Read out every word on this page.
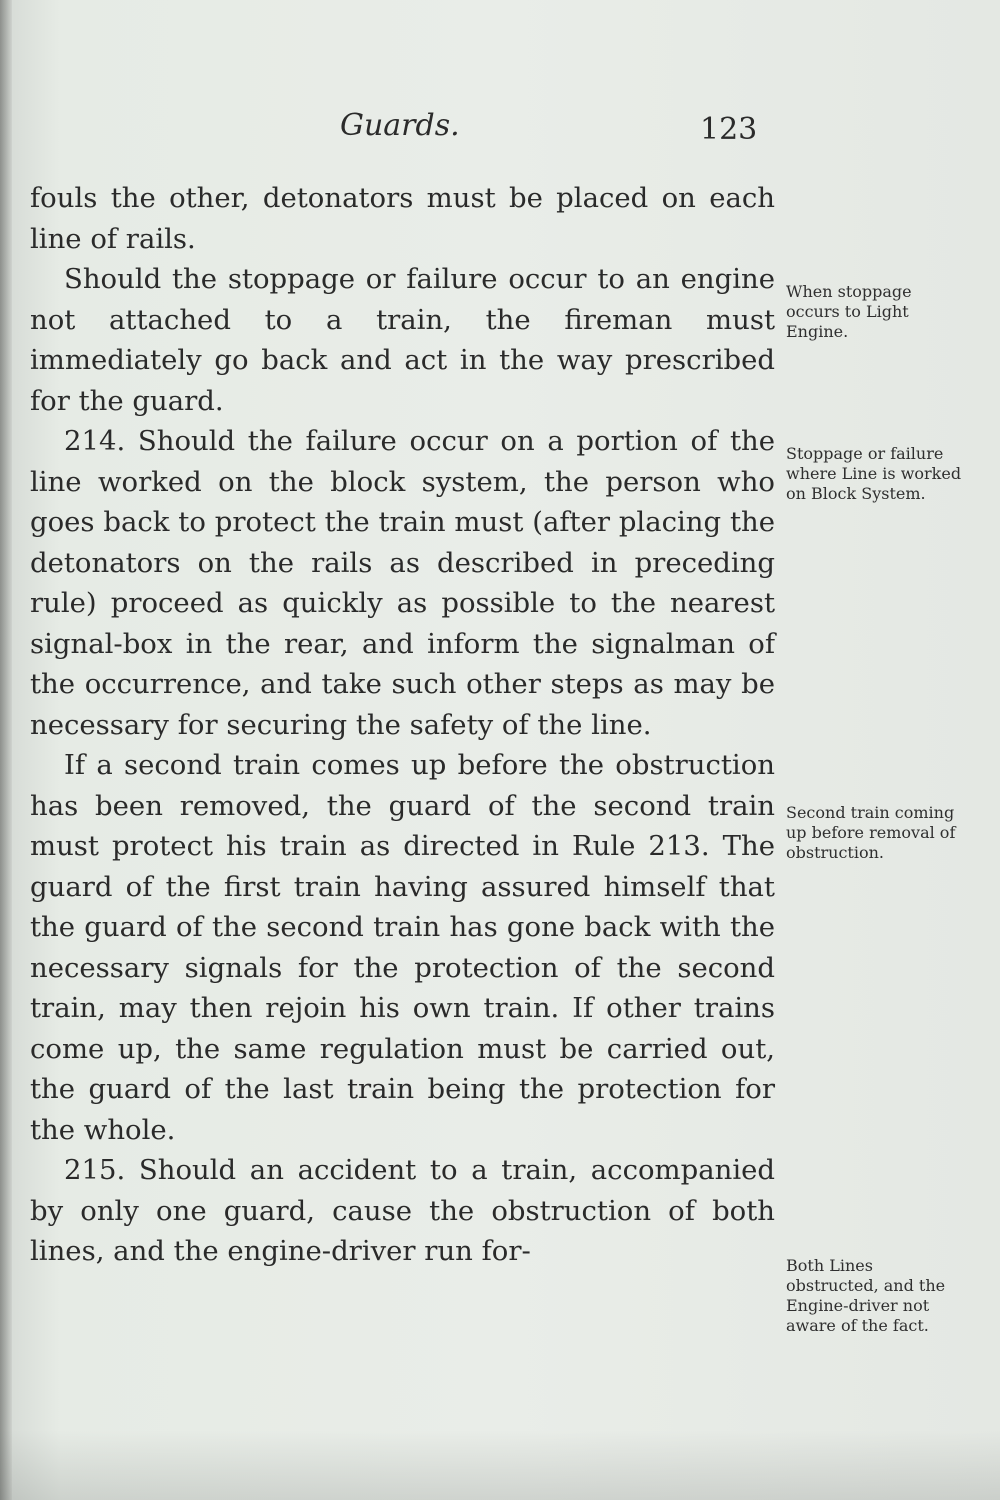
Guards.	123

fouls the other, detonators must be placed on each line of rails.

Should the stoppage or failure occur to an engine not attached to a train, the fireman must immediately go back and act in the way prescribed for the guard.

214. Should the failure occur on a portion of the line worked on the block system, the person who goes back to protect the train must (after placing the detonators on the rails as described in preceding rule) proceed as quickly as possible to the nearest signal-box in the rear, and inform the signalman of the occurrence, and take such other steps as may be necessary for securing the safety of the line.

If a second train comes up before the obstruction has been removed, the guard of the second train must protect his train as directed in Rule 213. The guard of the first train having assured himself that the guard of the second train has gone back with the necessary signals for the protection of the second train, may then rejoin his own train. If other trains come up, the same regulation must be carried out, the guard of the last train being the protection for the whole.

215. Should an accident to a train, accompanied by only one guard, cause the obstruction of both lines, and the engine-driver run for-

When stoppage occurs to Light Engine.
Stoppage or failure where Line is worked on Block System.
Second train coming up before removal of obstruction.
Both Lines obstructed, and the Engine-driver not aware of the fact.
